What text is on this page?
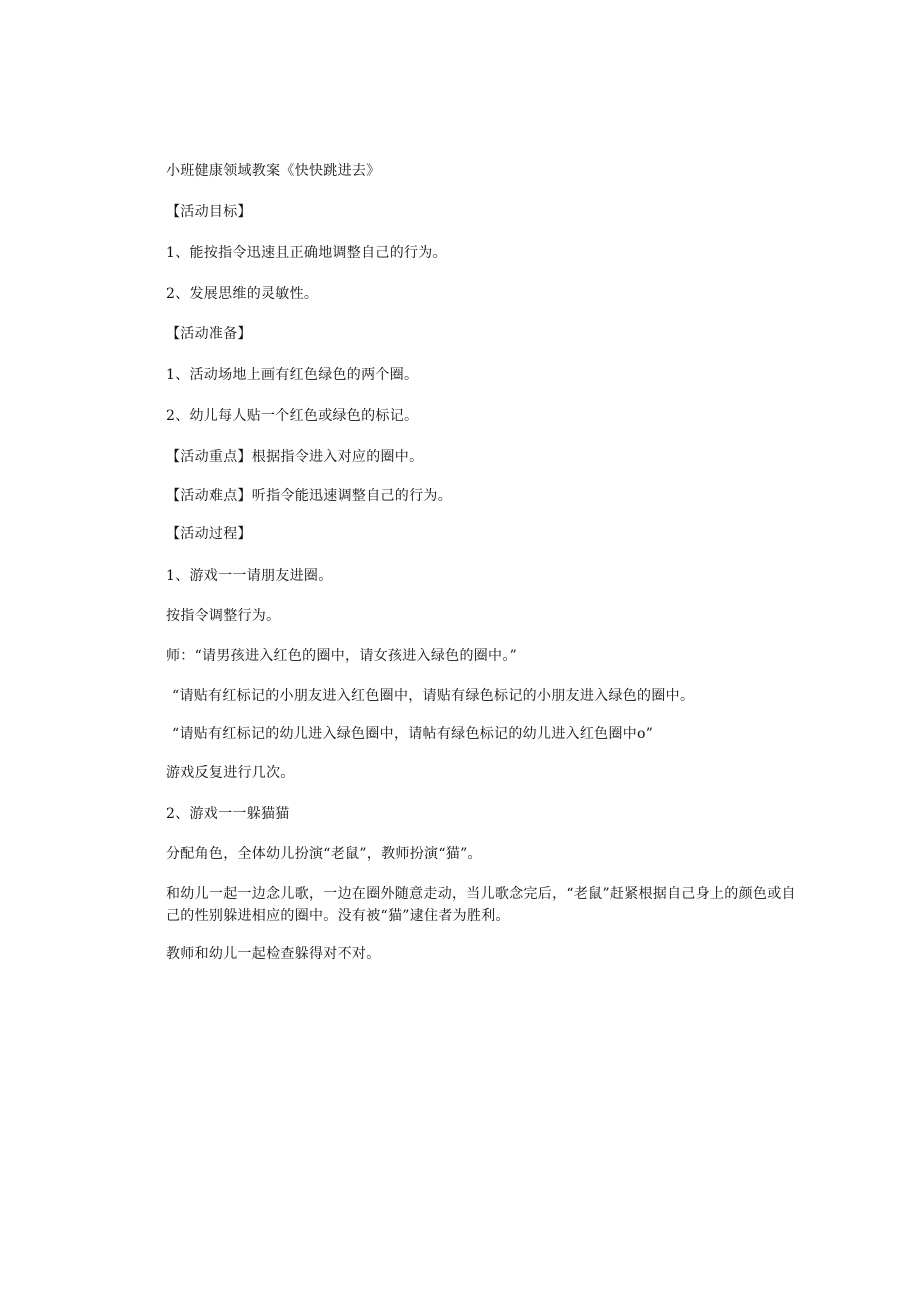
小班健康领域教案《快快跳进去》
【活动目标】
1、能按指令迅速且正确地调整自己的行为。
2、发展思维的灵敏性。
【活动准备】
1、活动场地上画有红色绿色的两个圈。
2、幼儿每人贴一个红色或绿色的标记。
【活动重点】根据指令进入对应的圈中。
【活动难点】听指令能迅速调整自己的行为。
【活动过程】
1、游戏一一请朋友进圈。
按指令调整行为。
师：“请男孩进入红色的圈中，请女孩进入绿色的圈中。”
“请贴有红标记的小朋友进入红色圈中，请贴有绿色标记的小朋友进入绿色的圈中。
“请贴有红标记的幼儿进入绿色圈中，请帖有绿色标记的幼儿进入红色圈中o”
游戏反复进行几次。
2、游戏一一躲猫猫
分配角色，全体幼儿扮演“老鼠”，教师扮演“猫”。
和幼儿一起一边念儿歌，一边在圈外随意走动，当儿歌念完后，“老鼠”赶紧根据自己身上的颜色或自己的性别躲进相应的圈中。没有被“猫”逮住者为胜利。
教师和幼儿一起检查躲得对不对。
